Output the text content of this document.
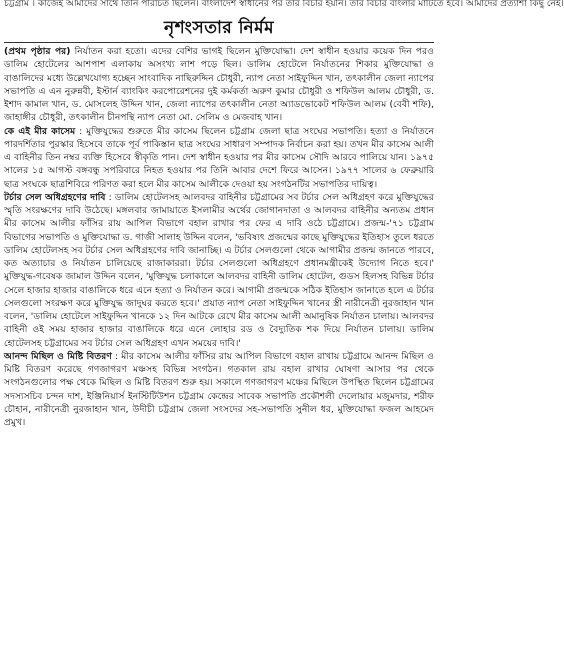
চট্টগ্রাম । কাজেই আমাদের সাথে তিনি পরিচিত ছিলেন। বাংলাদেশ স্বাধীনের পর তার বিচার হয়নি। তার বিচার বাংলার মাটিতে হবে। আমাদের প্রত্যাশা কিছু নেই।
নৃশংসতার নির্মম

(প্রথম পৃষ্ঠার পর) নির্যাতন করা হতো। এদের বেশির ভাগই ছিলেন মুক্তিযোদ্ধা। দেশ স্বাধীন হওয়ার কয়েক দিন পরও ডালিম হোটেলের আশপাশ এলাকায় অসংখ্য লাশ পড়ে ছিল। ডালিম হোটেলে নির্যাতনের শিকার মুক্তিযোদ্ধা ও বাঙালিদের মধ্যে উল্লেখযোগ্য হচ্ছেন সাংবাদিক নাছিরুদ্দিন চৌধুরী, ন্যাপ নেতা সাইফুদ্দিন খান, তৎকালীন জেলা ন্যাপের সভাপতি এ এন নুরুন্নবী, ইস্টার্ন ব্যাংকিং করপোরেশনের দুই কর্মকর্তা অরুণ কুমার চৌধুরী ও শফিউল আলম চৌধুরী, ড. ইশাদ কামাল খান, ড. মোসলেহ উদ্দিন খান, জেলা ন্যাপের তৎকালীন নেতা অ্যাডভোকেট শফিউল আলম (বেবী শফি), জাহাঙ্গীর চৌধুরী, তৎকালীন চীনপন্থি ন্যাপ নেতা মো. সেলিম ও মেজবাহ খান।

কে এই মীর কাসেম : মুক্তিযুদ্ধের শুরুতে মীর কাসেম ছিলেন চট্টগ্রাম জেলা ছাত্র সংঘের সভাপতি। হত্যা ও নির্যাতনে পারদর্শিতার পুরস্কার হিসেবে তাকে পূর্ব পাকিস্তান ছাত্র সংঘের সাধারণ সম্পাদক নির্বাচন করা হয়। তখন মীর কাসেম আলী এ বাহিনীর তিন নম্বর ব্যক্তি হিসেবে স্বীকৃতি পান। দেশ স্বাধীন হওয়ার পর মীর কাসেম সৌদি আরবে পালিয়ে যান। ১৯৭৫ সালের ১৫ আগস্ট বঙ্গবন্ধু সপরিবারে নিহত হওয়ার পর তিনি আবার দেশে ফিরে আসেন। ১৯৭৭ সালের ৬ ফেব্রুয়ারি ছাত্র সংঘকে ছাত্রশিবিরে পরিণত করা হলে মীর কাসেম আলীকে দেওয়া হয় সংগঠনটির সভাপতির দায়িত্ব।

টর্চার সেল অধিগ্রহণের দাবি : ডালিম হোটেলসহ আলবদর বাহিনীর চট্টগ্রামের সব টর্চার সেল অধিগ্রহণ করে মুক্তিযুদ্ধের স্মৃতি সংরক্ষণের দাবি উঠেছে। মঙ্গলবার জামায়াতে ইসলামীর অর্থের জোগানদাতা ও আলবদর বাহিনীর অন্যতম প্রধান মীর কাসেম আলীর ফাঁসির রায় আপিল বিভাগে বহাল রাখার পর ফের এ দাবি ওঠে চট্টগ্রামে। প্রজন্ম-'৭১ চট্টগ্রাম বিভাগের সভাপতি ও মুক্তিযোদ্ধা ড. গাজী সালাহ উদ্দিন বলেন, 'ভবিষ্যৎ প্রজন্মের কাছে মুক্তিযুদ্ধের ইতিহাস তুলে ধরতে ডালিম হোটেলসহ সব টর্চার সেল অধিগ্রহণের দাবি জানাচ্ছি। এ টর্চার সেলগুলো থেকে আগামীর প্রজন্ম জানতে পারবে, কত অত্যাচার ও নির্যাতন চালিয়েছে রাজাকাররা। টর্চার সেলগুলো অধিগ্রহণে প্রধানমন্ত্রীকেই উদ্যোগ নিতে হবে।' মুক্তিযুদ্ধ-গবেষক জামাল উদ্দিন বলেন, 'মুক্তিযুদ্ধ চলাকালে আলবদর বাহিনী ডালিম হোটেল, গুডস হিলসহ বিভিন্ন টর্চার সেলে হাজার হাজার বাঙালিকে ধরে এনে হত্যা ও নির্যাতন করে। আগামী প্রজন্মকে সঠিক ইতিহাস জানাতে হলে এ টর্চার সেলগুলো সংরক্ষণ করে মুক্তিযুদ্ধ জাদুঘর করতে হবে।' প্রয়াত ন্যাপ নেতা সাইফুদ্দিন খানের স্ত্রী নারীনেত্রী নুরজাহান খান বলেন, 'ডালিম হোটেলে সাইফুদ্দিন খানকে ১২ দিন আটকে রেখে মীর কাসেম আলী অমানুষিক নির্যাতন চালায়। আলবদর বাহিনী ওই সময় হাজার হাজার বাঙালিকে ধরে এনে লোহার রড ও বৈদ্যুতিক শক দিয়ে নির্যাতন চালায়। ডালিম হোটেলসহ চট্টগ্রামের সব টর্চার সেল অধিগ্রহণ এখন সময়ের দাবি।'

আনন্দ মিছিল ও মিষ্টি বিতরণ : মীর কাসেম আলীর ফাঁসির রায় আপিল বিভাগে বহাল রাখায় চট্টগ্রামে আনন্দ মিছিল ও মিষ্টি বিতরণ করেছে গণজাগরণ মঞ্চসহ বিভিন্ন সংগঠন। গতকাল রায় বহাল রাখার ঘোষণা আসার পর থেকে সংগঠনগুলোর পক্ষ থেকে মিছিল ও মিষ্টি বিতরণ শুরু হয়। সকালে গণজাগরণ মঞ্চের মিছিলে উপস্থিত ছিলেন চট্টগ্রামের সদস্যসচিব চন্দন দাশ, ইঞ্জিনিয়ার্স ইনস্টিটিউশন চট্টগ্রাম কেন্দ্রের সাবেক সভাপতি প্রকৌশলী দেলোয়ার মজুমদার, শরীফ চৌহান, নারীনেত্রী নুরজাহান খান, উদীচী চট্টগ্রাম জেলা সংসদের সহ-সভাপতি সুনীল ধর, মুক্তিযোদ্ধা ফজল আহমেদ প্রমুখ।
